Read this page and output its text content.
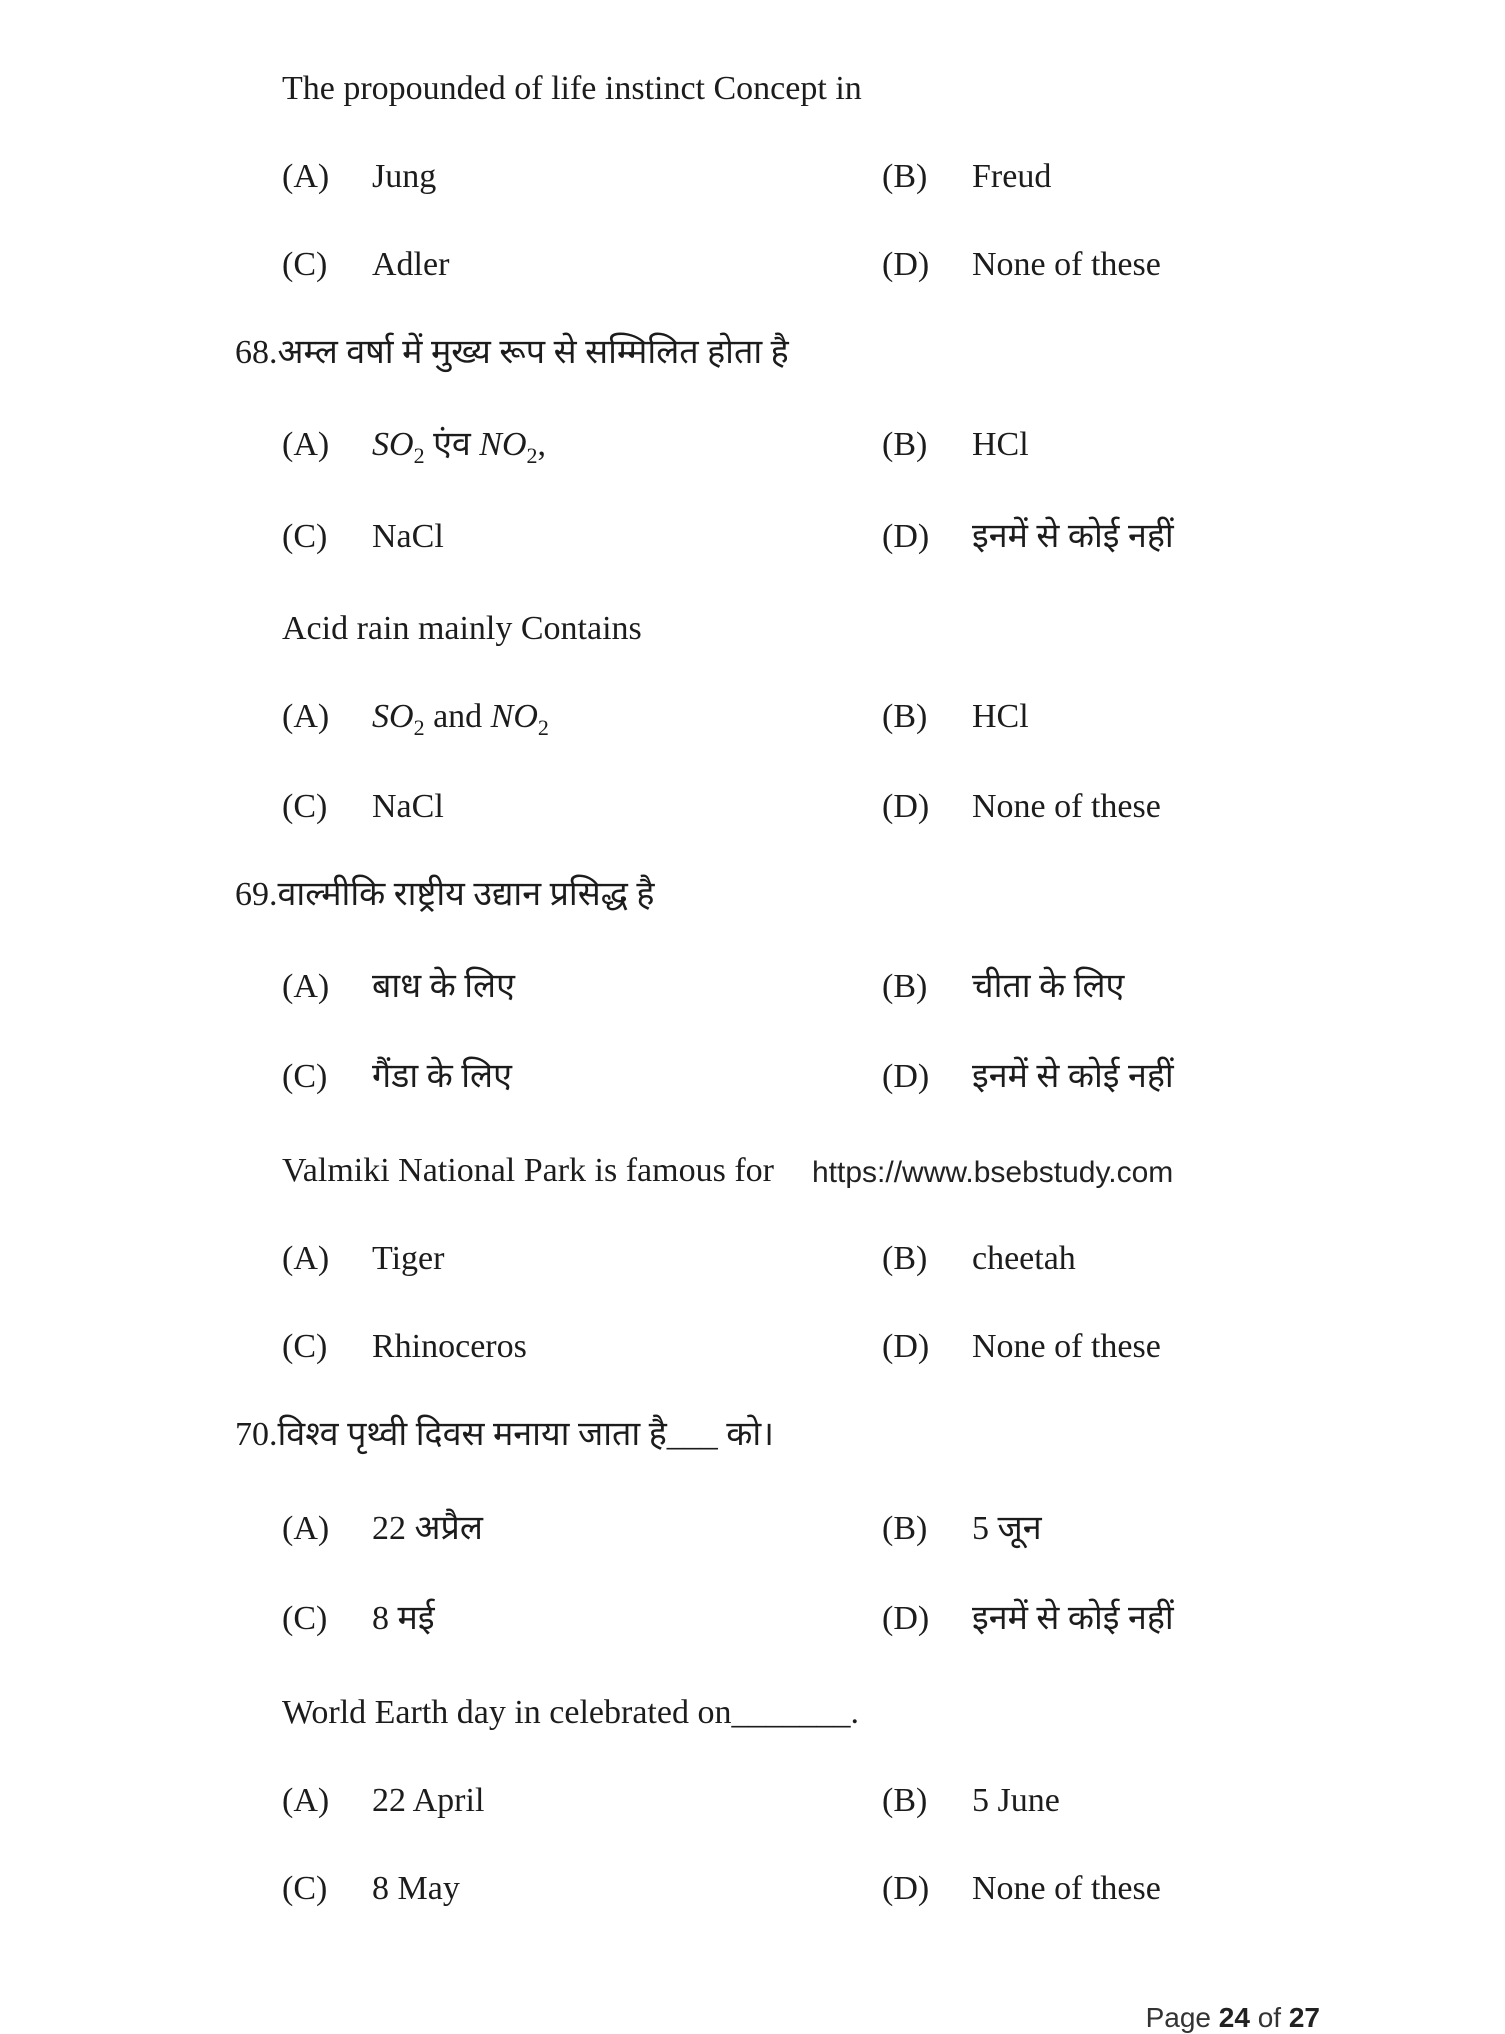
The propounded of life instinct Concept in
(A) Jung	(B) Freud
(C) Adler	(D) None of these
68.अम्ल वर्षा में मुख्य रूप से सम्मिलित होता है
(A) $SO_2$ एंव $NO_2$,	(B) HCl
(C) NaCl	(D) इनमें से कोई नहीं
Acid rain mainly Contains
(A) $SO_2$ and $NO_2$	(B) HCl
(C) NaCl	(D) None of these
69.वाल्मीकि राष्ट्रीय उद्यान प्रसिद्ध है
(A) बाध के लिए	(B) चीता के लिए
(C) गैंडा के लिए	(D) इनमें से कोई नहीं
Valmiki National Park is famous for https://www.bsebstudy.com
(A) Tiger	(B) cheetah
(C) Rhinoceros	(D) None of these
70.विश्व पृथ्वी दिवस मनाया जाता है___ को।
(A) 22 अप्रैल	(B) 5 जून
(C) 8 मई	(D) इनमें से कोई नहीं
World Earth day in celebrated on_______.
(A) 22 April	(B) 5 June
(C) 8 May	(D) None of these
Page 24 of 27
